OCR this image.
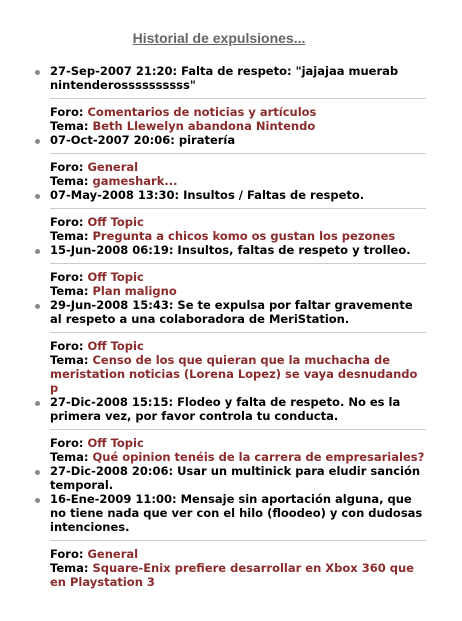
Historial de expulsiones...
27-Sep-2007 21:20: Falta de respeto: "jajajaa muerab nintenderossssssssss"
Foro: Comentarios de noticias y artículos
Tema: Beth Llewelyn abandona Nintendo
07-Oct-2007 20:06: piratería
Foro: General
Tema: gameshark...
07-May-2008 13:30: Insultos / Faltas de respeto.
Foro: Off Topic
Tema: Pregunta a chicos komo os gustan los pezones
15-Jun-2008 06:19: Insultos, faltas de respeto y trolleo.
Foro: Off Topic
Tema: Plan maligno
29-Jun-2008 15:43: Se te expulsa por faltar gravemente al respeto a una colaboradora de MeriStation.
Foro: Off Topic
Tema: Censo de los que quieran que la muchacha de meristation noticias (Lorena Lopez) se vaya desnudando p
27-Dic-2008 15:15: Flodeo y falta de respeto. No es la primera vez, por favor controla tu conducta.
Foro: Off Topic
Tema: Qué opinion tenéis de la carrera de empresariales?
27-Dic-2008 20:06: Usar un multinick para eludir sanción temporal.
16-Ene-2009 11:00: Mensaje sin aportación alguna, que no tiene nada que ver con el hilo (floodeo) y con dudosas intenciones.
Foro: General
Tema: Square-Enix prefiere desarrollar en Xbox 360 que en Playstation 3
